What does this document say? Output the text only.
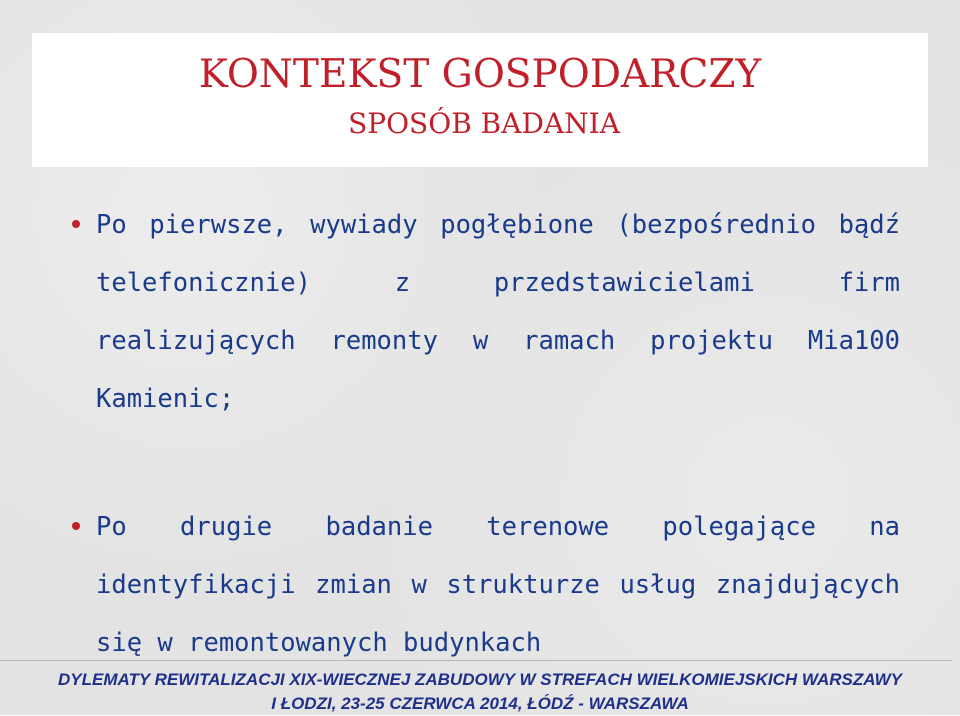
KONTEKST GOSPODARCZY
SPOSÓB BADANIA

Po pierwsze, wywiady pogłębione (bezpośrednio bądź telefonicznie) z przedstawicielami firm realizujących remonty w ramach projektu Mia100 Kamienic;

Po drugie badanie terenowe polegające na identyfikacji zmian w strukturze usług znajdujących się w remontowanych budynkach

DYLEMATY REWITALIZACJI XIX-WIECZNEJ ZABUDOWY W STREFACH WIELKOMIEJSKICH WARSZAWY
I ŁODZI, 23-25 CZERWCA 2014, ŁÓDŹ - WARSZAWA
